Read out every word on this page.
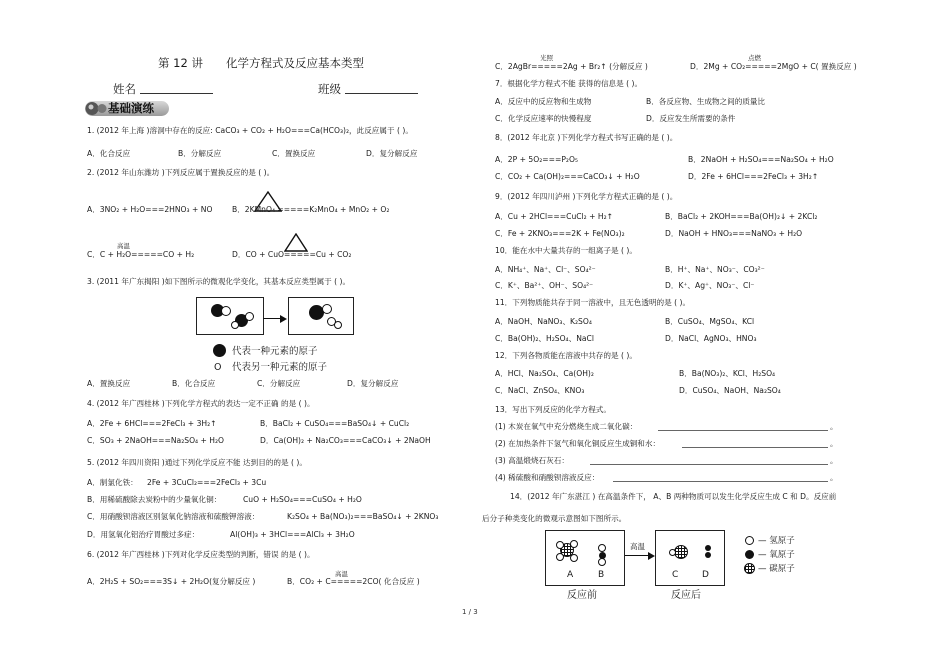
第 12 讲 化学方程式及反应基本类型
姓名	班级
基础演练
1. (2012 年上海 )溶洞中存在的反应: CaCO₃ + CO₂ + H₂O===Ca(HCO₃)₂，此反应属于 ( )。
A．化合反应	B．分解反应	C．置换反应	D．复分解反应
2. (2012 年山东潍坊 )下列反应属于置换反应的是 ( )。
A．3NO₂ + H₂O===2HNO₃ + NO	B．2KMnO₄ =====K₂MnO₄ + MnO₂ + O₂
高温
C．C + H₂O=====CO + H₂	D．CO + CuO=====Cu + CO₂
3. (2011 年广东揭阳 )如下图所示的微观化学变化，其基本反应类型属于 ( )。
代表一种元素的原子
O 代表另一种元素的原子
A．置换反应	B．化合反应	C．分解反应	D．复分解反应
4. (2012 年广西桂林 )下列化学方程式的表达一定不正确 的是 ( )。
A．2Fe + 6HCl===2FeCl₃ + 3H₂↑	B．BaCl₂ + CuSO₄===BaSO₄↓ + CuCl₂
C．SO₃ + 2NaOH===Na₂SO₄ + H₂O	D．Ca(OH)₂ + Na₂CO₃===CaCO₃↓ + 2NaOH
5. (2012 年四川资阳 )通过下列化学反应不能 达到目的的是 ( )。
A．制氯化铁： 2Fe + 3CuCl₂===2FeCl₃ + 3Cu
B．用稀硫酸除去炭粉中的少量氧化铜：	CuO + H₂SO₄===CuSO₄ + H₂O
C．用硝酸钡溶液区别氢氧化钠溶液和硫酸钾溶液：	K₂SO₄ + Ba(NO₃)₂===BaSO₄↓ + 2KNO₃
D．用氢氧化铝治疗胃酸过多症：	Al(OH)₃ + 3HCl===AlCl₃ + 3H₂O
6. (2012 年广西桂林 )下列对化学反应类型的判断，错误 的是 ( )。
A．2H₂S + SO₂===3S↓ + 2H₂O(复分解反应 )
高温
B．CO₂ + C=====2CO( 化合反应 )
光照
C．2AgBr=====2Ag + Br₂↑ (分解反应 )
点燃
D．2Mg + CO₂=====2MgO + C( 置换反应 )
7．根据化学方程式不能 获得的信息是 ( )。
A．反应中的反应物和生成物	B．各反应物、生成物之间的质量比
C．化学反应速率的快慢程度	D．反应发生所需要的条件
8．(2012 年北京 )下列化学方程式书写正确的是 ( )。
A．2P + 5O₂===P₂O₅	B．2NaOH + H₂SO₄===Na₂SO₄ + H₂O
C．CO₂ + Ca(OH)₂===CaCO₃↓ + H₂O	D．2Fe + 6HCl===2FeCl₃ + 3H₂↑
9．(2012 年四川泸州 )下列化学方程式正确的是 ( )。
A．Cu + 2HCl===CuCl₂ + H₂↑	B．BaCl₂ + 2KOH===Ba(OH)₂↓ + 2KCl₂
C．Fe + 2KNO₃===2K + Fe(NO₃)₂	D．NaOH + HNO₃===NaNO₃ + H₂O
10．能在水中大量共存的一组离子是 ( )。
A．NH₄⁺、Na⁺、Cl⁻、SO₄²⁻	B．H⁺、Na⁺、NO₃⁻、CO₃²⁻
C．K⁺、Ba²⁺、OH⁻、SO₄²⁻	D．K⁺、Ag⁺、NO₃⁻、Cl⁻
11．下列物质能共存于同一溶液中，且无色透明的是 ( )。
A．NaOH、NaNO₃、K₂SO₄	B．CuSO₄、MgSO₄、KCl
C．Ba(OH)₂、H₂SO₄、NaCl	D．NaCl、AgNO₃、HNO₃
12．下列各物质能在溶液中共存的是 ( )。
A．HCl、Na₂SO₄、Ca(OH)₂	B．Ba(NO₃)₂、KCl、H₂SO₄
C．NaCl、ZnSO₄、KNO₃	D．CuSO₄、NaOH、Na₂SO₄
13．写出下列反应的化学方程式。
(1) 木炭在氧气中充分燃烧生成二氧化碳：	。
(2) 在加热条件下氢气和氧化铜反应生成铜和水：	。
(3) 高温煅烧石灰石：	。
(4) 稀硫酸和硝酸钡溶液反应：	。
14．(2012 年广东湛江 ) 在高温条件下， A、B 两种物质可以发生化学反应生成 C 和 D。反应前
后分子种类变化的微观示意图如下图所示。
A	B
高温
C	D
反应前	反应后
— 氢原子
— 氧原子
— 碳原子
1 / 3
